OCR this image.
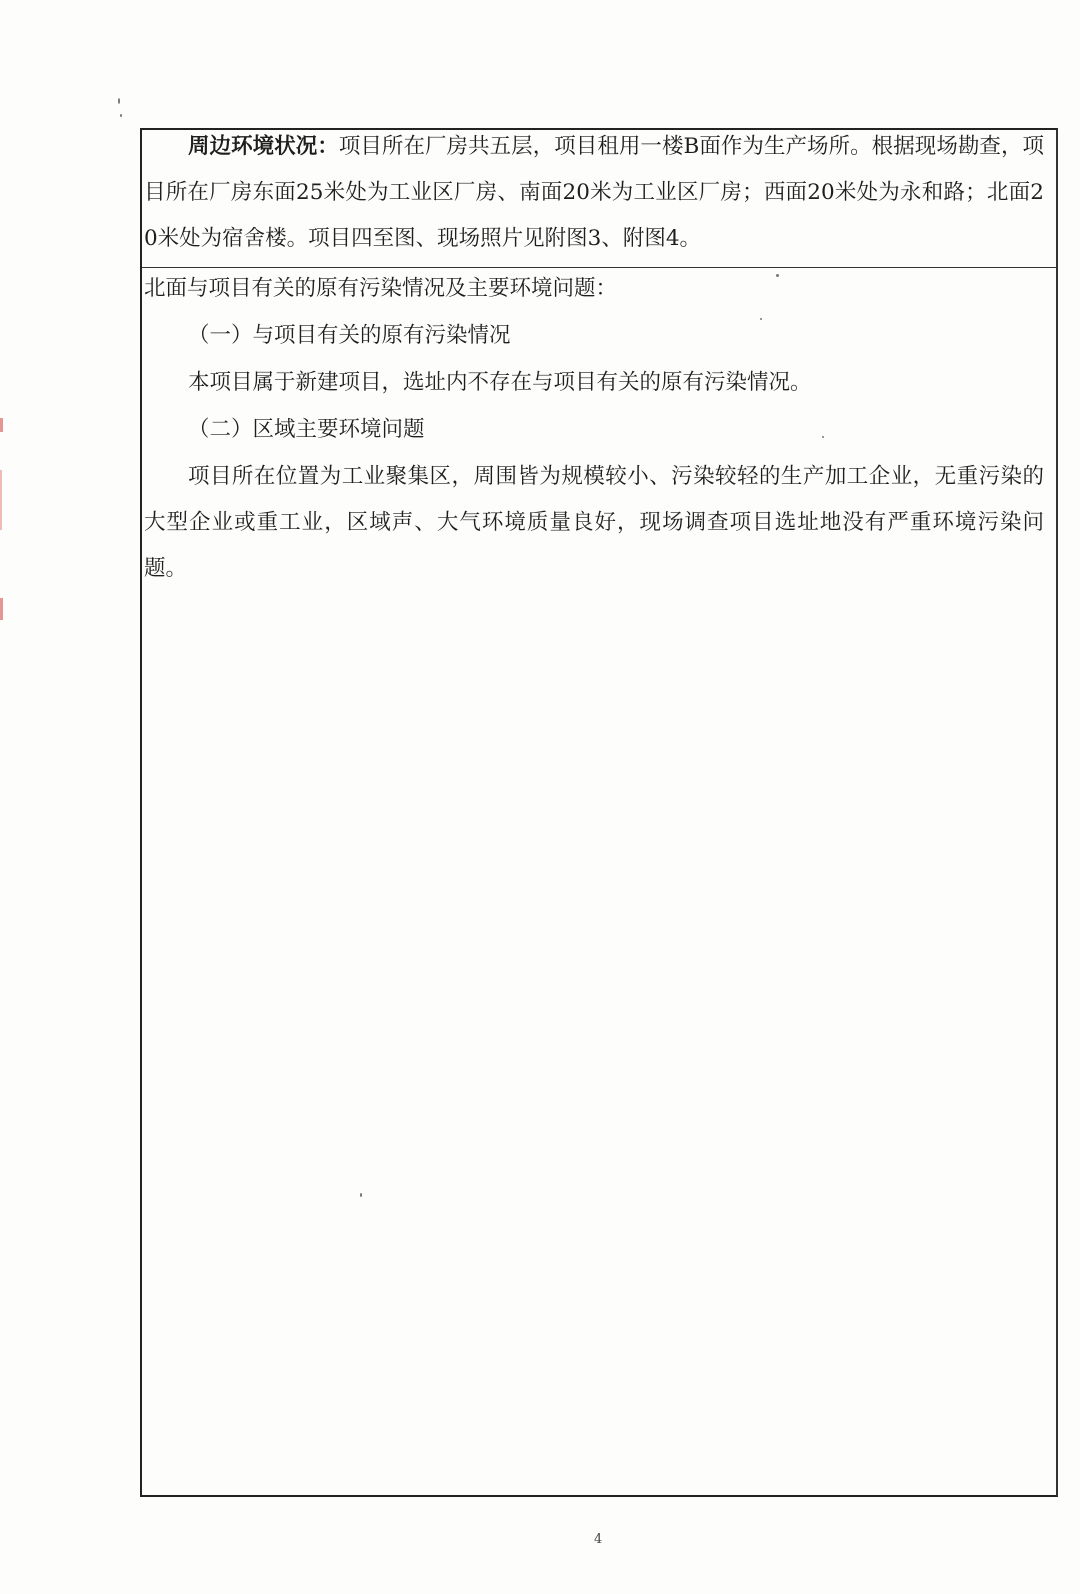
周边环境状况：项目所在厂房共五层，项目租用一楼B面作为生产场所。根据现场勘查，项目所在厂房东面25米处为工业区厂房、南面20米为工业区厂房；西面20米处为永和路；北面20米处为宿舍楼。项目四至图、现场照片见附图3、附图4。

北面与项目有关的原有污染情况及主要环境问题：

（一）与项目有关的原有污染情况

本项目属于新建项目，选址内不存在与项目有关的原有污染情况。

（二）区域主要环境问题

项目所在位置为工业聚集区，周围皆为规模较小、污染较轻的生产加工企业，无重污染的大型企业或重工业，区域声、大气环境质量良好，现场调查项目选址地没有严重环境污染问题。

4
